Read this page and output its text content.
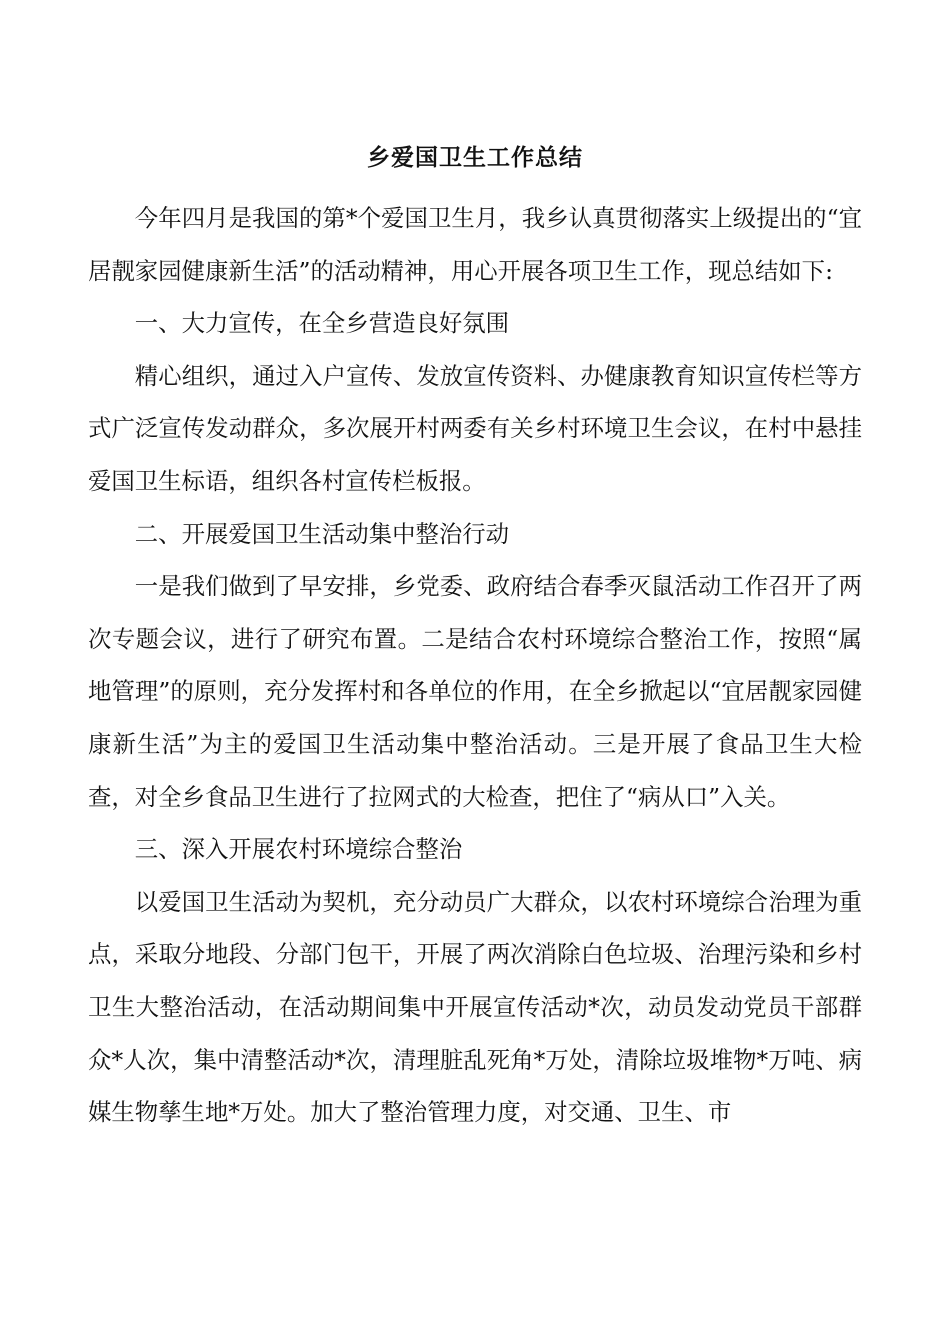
乡爱国卫生工作总结

今年四月是我国的第*个爱国卫生月，我乡认真贯彻落实上级提出的“宜居靓家园健康新生活”的活动精神，用心开展各项卫生工作，现总结如下:

一、大力宣传，在全乡营造良好氛围

精心组织，通过入户宣传、发放宣传资料、办健康教育知识宣传栏等方式广泛宣传发动群众，多次展开村两委有关乡村环境卫生会议，在村中悬挂爱国卫生标语，组织各村宣传栏板报。

二、开展爱国卫生活动集中整治行动

一是我们做到了早安排，乡党委、政府结合春季灭鼠活动工作召开了两次专题会议，进行了研究布置。二是结合农村环境综合整治工作，按照“属地管理”的原则，充分发挥村和各单位的作用，在全乡掀起以“宜居靓家园健康新生活”为主的爱国卫生活动集中整治活动。三是开展了食品卫生大检查，对全乡食品卫生进行了拉网式的大检查，把住了“病从口”入关。

三、深入开展农村环境综合整治

以爱国卫生活动为契机，充分动员广大群众，以农村环境综合治理为重点，采取分地段、分部门包干，开展了两次消除白色垃圾、治理污染和乡村卫生大整治活动，在活动期间集中开展宣传活动*次，动员发动党员干部群众*人次，集中清整活动*次，清理脏乱死角*万处，清除垃圾堆物*万吨、病媒生物孳生地*万处。加大了整治管理力度，对交通、卫生、市
